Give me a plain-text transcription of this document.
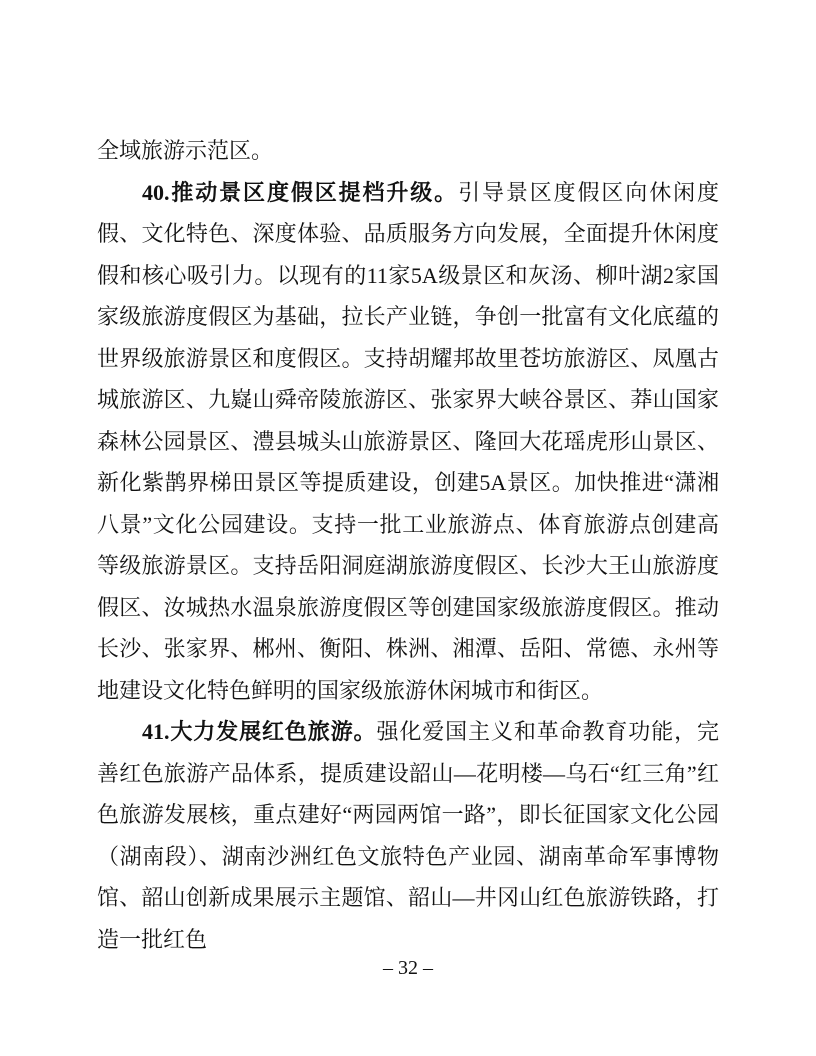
全域旅游示范区。

40.推动景区度假区提档升级。引导景区度假区向休闲度假、文化特色、深度体验、品质服务方向发展，全面提升休闲度假和核心吸引力。以现有的11家5A级景区和灰汤、柳叶湖2家国家级旅游度假区为基础，拉长产业链，争创一批富有文化底蕴的世界级旅游景区和度假区。支持胡耀邦故里苍坊旅游区、凤凰古城旅游区、九嶷山舜帝陵旅游区、张家界大峡谷景区、莽山国家森林公园景区、澧县城头山旅游景区、隆回大花瑶虎形山景区、新化紫鹊界梯田景区等提质建设，创建5A景区。加快推进“潇湘八景”文化公园建设。支持一批工业旅游点、体育旅游点创建高等级旅游景区。支持岳阳洞庭湖旅游度假区、长沙大王山旅游度假区、汝城热水温泉旅游度假区等创建国家级旅游度假区。推动长沙、张家界、郴州、衡阳、株洲、湘潭、岳阳、常德、永州等地建设文化特色鲜明的国家级旅游休闲城市和街区。

41.大力发展红色旅游。强化爱国主义和革命教育功能，完善红色旅游产品体系，提质建设韶山—花明楼—乌石“红三角”红色旅游发展核，重点建好“两园两馆一路”，即长征国家文化公园（湖南段）、湖南沙洲红色文旅特色产业园、湖南革命军事博物馆、韶山创新成果展示主题馆、韶山—井冈山红色旅游铁路，打造一批红色

– 32 –
